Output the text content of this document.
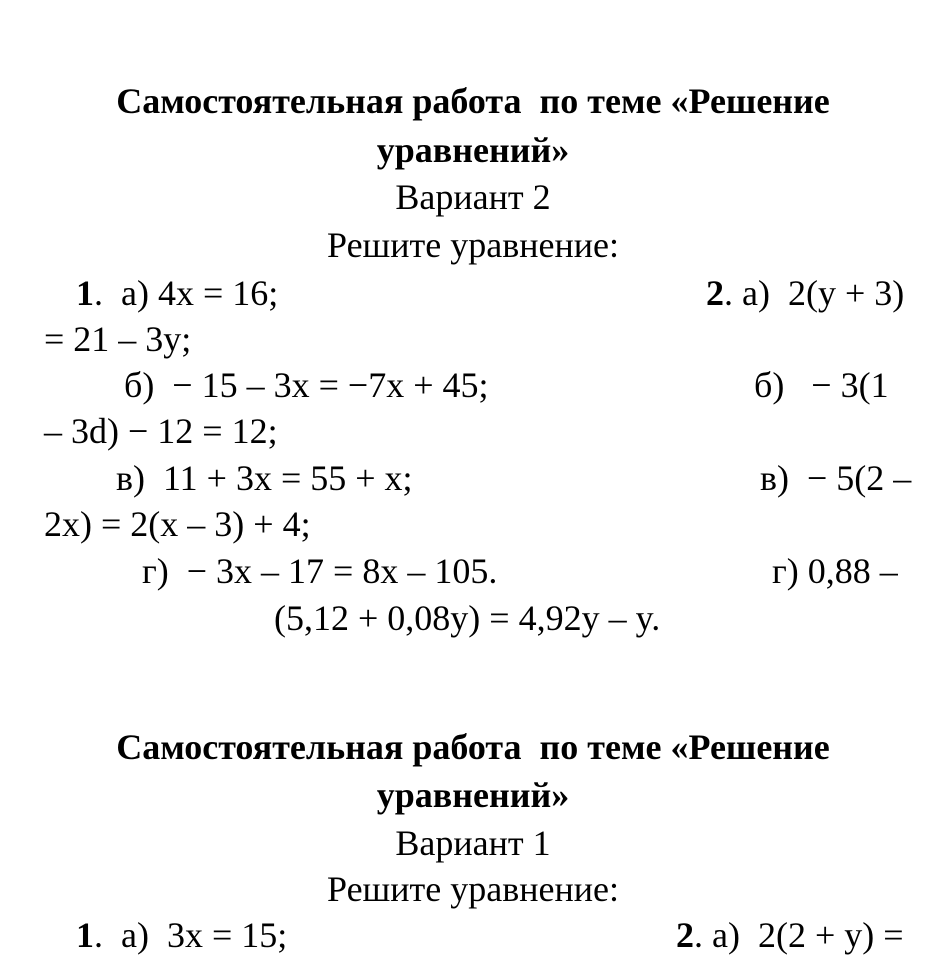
Самостоятельная работа  по теме «Решение
уравнений»
Вариант 2
Решите уравнение:
1.  а) 4x = 16;	2. а)  2(y + 3)
= 21 – 3y;
б)  − 15 – 3x = −7x + 45;	б)   − 3(1
– 3d) − 12 = 12;
в)  11 + 3x = 55 + x;	в)  − 5(2 –
2x) = 2(x – 3) + 4;
г)  − 3x – 17 = 8x – 105.	г) 0,88 –
(5,12 + 0,08y) = 4,92y – y.
Самостоятельная работа  по теме «Решение
уравнений»
Вариант 1
Решите уравнение:
1.  а)  3x = 15;	2. а)  2(2 + y) =
